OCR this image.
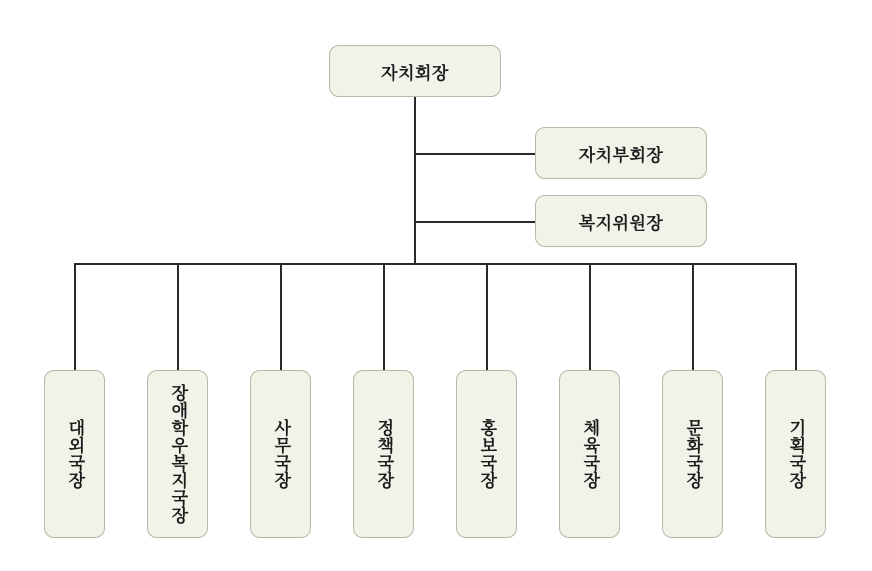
자치회장
자치부회장
복지위원장
대외국장	장애학우복지국장	사무국장	정책국장	홍보국장	체육국장	문화국장	기획국장
